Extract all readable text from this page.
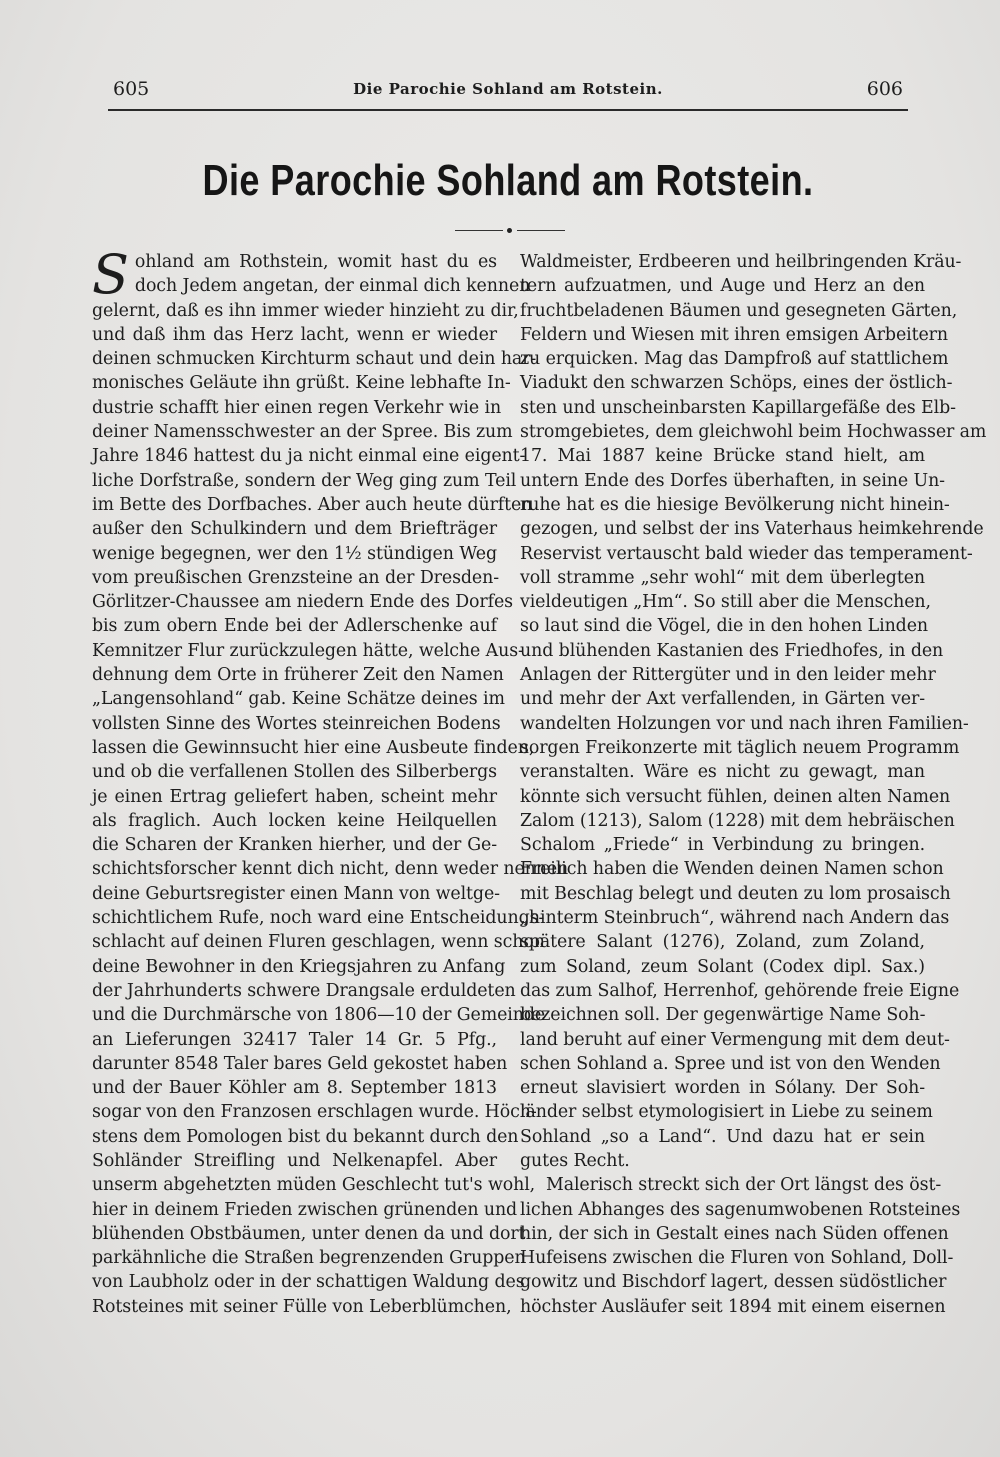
605	Die Parochie Sohland am Rotstein.	606
Die Parochie Sohland am Rotstein.
S ohland am Rothstein, womit hast du es
doch Jedem angetan, der einmal dich kennen
gelernt, daß es ihn immer wieder hinzieht zu dir,
und daß ihm das Herz lacht, wenn er wieder
deinen schmucken Kirchturm schaut und dein har-
monisches Geläute ihn grüßt. Keine lebhafte In-
dustrie schafft hier einen regen Verkehr wie in
deiner Namensschwester an der Spree. Bis zum
Jahre 1846 hattest du ja nicht einmal eine eigent-
liche Dorfstraße, sondern der Weg ging zum Teil
im Bette des Dorfbaches. Aber auch heute dürften
außer den Schulkindern und dem Briefträger
wenige begegnen, wer den 1½ stündigen Weg
vom preußischen Grenzsteine an der Dresden-
Görlitzer-Chaussee am niedern Ende des Dorfes
bis zum obern Ende bei der Adlerschenke auf
Kemnitzer Flur zurückzulegen hätte, welche Aus-
dehnung dem Orte in früherer Zeit den Namen
„Langensohland“ gab. Keine Schätze deines im
vollsten Sinne des Wortes steinreichen Bodens
lassen die Gewinnsucht hier eine Ausbeute finden,
und ob die verfallenen Stollen des Silberbergs
je einen Ertrag geliefert haben, scheint mehr
als fraglich. Auch locken keine Heilquellen
die Scharen der Kranken hierher, und der Ge-
schichtsforscher kennt dich nicht, denn weder nennen
deine Geburtsregister einen Mann von weltge-
schichtlichem Rufe, noch ward eine Entscheidungs-
schlacht auf deinen Fluren geschlagen, wenn schon
deine Bewohner in den Kriegsjahren zu Anfang
der Jahrhunderts schwere Drangsale erduldeten
und die Durchmärsche von 1806—10 der Gemeinde
an Lieferungen 32417 Taler 14 Gr. 5 Pfg.,
darunter 8548 Taler bares Geld gekostet haben
und der Bauer Köhler am 8. September 1813
sogar von den Franzosen erschlagen wurde. Höch-
stens dem Pomologen bist du bekannt durch den
Sohländer Streifling und Nelkenapfel. Aber
unserm abgehetzten müden Geschlecht tut's wohl,
hier in deinem Frieden zwischen grünenden und
blühenden Obstbäumen, unter denen da und dort
parkähnliche die Straßen begrenzenden Gruppen
von Laubholz oder in der schattigen Waldung des
Rotsteines mit seiner Fülle von Leberblümchen,
Waldmeister, Erdbeeren und heilbringenden Kräu-
tern aufzuatmen, und Auge und Herz an den
fruchtbeladenen Bäumen und gesegneten Gärten,
Feldern und Wiesen mit ihren emsigen Arbeitern
zu erquicken. Mag das Dampfroß auf stattlichem
Viadukt den schwarzen Schöps, eines der östlich-
sten und unscheinbarsten Kapillargefäße des Elb-
stromgebietes, dem gleichwohl beim Hochwasser am
17. Mai 1887 keine Brücke stand hielt, am
untern Ende des Dorfes überhaften, in seine Un-
ruhe hat es die hiesige Bevölkerung nicht hinein-
gezogen, und selbst der ins Vaterhaus heimkehrende
Reservist vertauscht bald wieder das temperament-
voll stramme „sehr wohl“ mit dem überlegten
vieldeutigen „Hm“. So still aber die Menschen,
so laut sind die Vögel, die in den hohen Linden
und blühenden Kastanien des Friedhofes, in den
Anlagen der Rittergüter und in den leider mehr
und mehr der Axt verfallenden, in Gärten ver-
wandelten Holzungen vor und nach ihren Familien-
sorgen Freikonzerte mit täglich neuem Programm
veranstalten. Wäre es nicht zu gewagt, man
könnte sich versucht fühlen, deinen alten Namen
Zalom (1213), Salom (1228) mit dem hebräischen
Schalom „Friede“ in Verbindung zu bringen.
Freilich haben die Wenden deinen Namen schon
mit Beschlag belegt und deuten zu lom prosaisch
„hinterm Steinbruch“, während nach Andern das
spätere Salant (1276), Zoland, zum Zoland,
zum Soland, zeum Solant (Codex dipl. Sax.)
das zum Salhof, Herrenhof, gehörende freie Eigne
bezeichnen soll. Der gegenwärtige Name Soh-
land beruht auf einer Vermengung mit dem deut-
schen Sohland a. Spree und ist von den Wenden
erneut slavisiert worden in Sólany. Der Soh-
länder selbst etymologisiert in Liebe zu seinem
Sohland „so a Land“. Und dazu hat er sein
gutes Recht.
Malerisch streckt sich der Ort längst des öst-
lichen Abhanges des sagenumwobenen Rotsteines
hin, der sich in Gestalt eines nach Süden offenen
Hufeisens zwischen die Fluren von Sohland, Doll-
gowitz und Bischdorf lagert, dessen südöstlicher
höchster Ausläufer seit 1894 mit einem eisernen
